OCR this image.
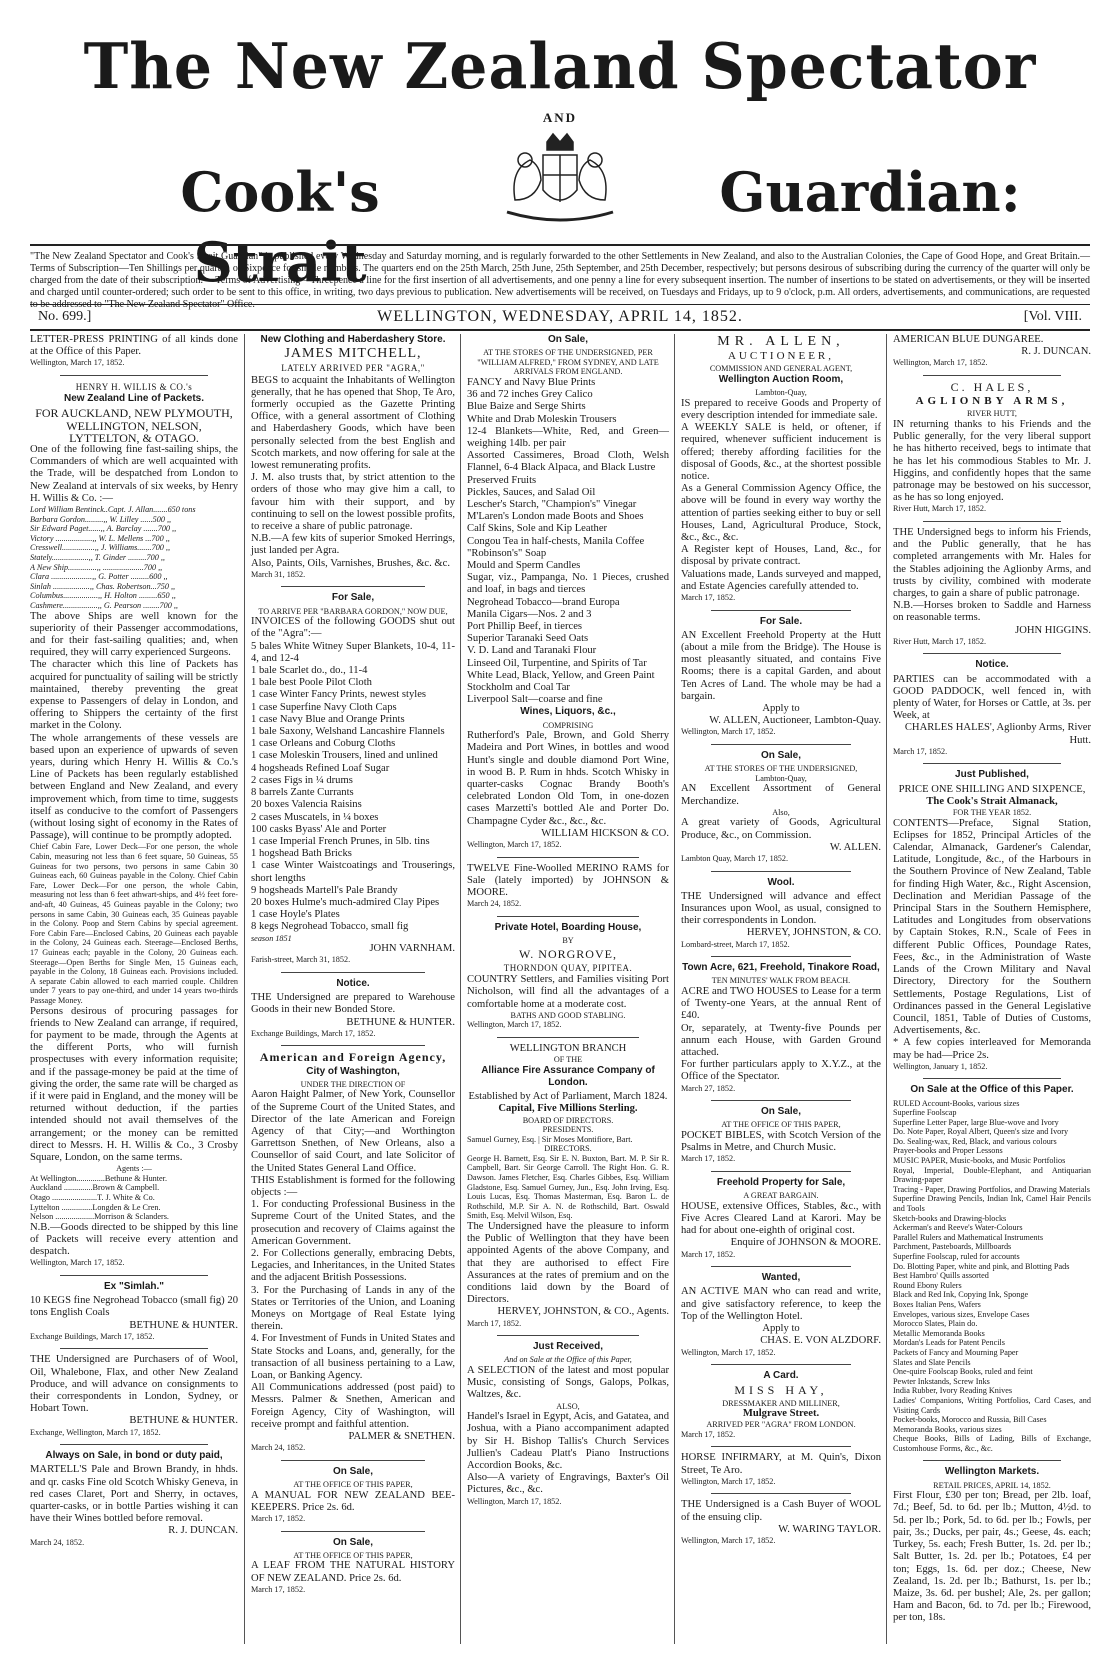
The New Zealand Spectator
AND
Cook's Strait
Guardian:
"The New Zealand Spectator and Cook's Strait Guardian" is published every Wednesday and Saturday morning, and is regularly forwarded to the other Settlements in New Zealand, and also to the Australian Colonies, the Cape of Good Hope, and Great Britain.— Terms of Subscription—Ten Shillings per quarter, or Sixpence for single numbers. The quarters end on the 25th March, 25th June, 25th September, and 25th December, respectively; but persons desirous of subscribing during the currency of the quarter will only be charged from the date of their subscription.— Terms of Advertising—Threepence a line for the first insertion of all advertisements, and one penny a line for every subsequent insertion. The number of insertions to be stated on advertisements, or they will be inserted and charged until counter-ordered; such order to be sent to this office, in writing, two days previous to publication. New advertisements will be received, on Tuesdays and Fridays, up to 9 o'clock, p.m. All orders, advertisements, and communications, are requested to be addressed to "The New Zealand Spectator" Office.
No. 699.]	WELLINGTON, WEDNESDAY, APRIL 14, 1852.	[Vol. VIII.

LETTER-PRESS PRINTING of all kinds done at the Office of this Paper.

Wellington, March 17, 1852.

HENRY H. WILLIS & CO.'s
New Zealand Line of Packets.

FOR AUCKLAND, NEW PLYMOUTH, WELLINGTON, NELSON, LYTTELTON, & OTAGO.

One of the following fine fast-sailing ships, the Commanders of which are well acquainted with the Trade, will be despatched from London to New Zealand at intervals of six weeks, by Henry H. Willis & Co. :—

Lord William Bentinck..Capt. J. Allan.......650 tons
Barbara Gordon.........,, W. Lilley ......500 ,,
Sir Edward Paget......,, A. Barclay .......700 ,,
Victory ..................,, W. L. Mellens ...700 ,,
Cresswell................,, J. Williams.......700 ,,
Stately..................,, T. Ginder .........700 ,,
A New Ship..............,, ....................700 ,,
Clara ....................,, G. Potter .........600 ,,
Sinlah ..................,, Chas. Robertson...750 ,,
Columbus.................,, H. Holton .........650 ,,
Cashmere.................,, G. Pearson ........700 ,,

The above Ships are well known for the superiority of their Passenger accommodations, and for their fast-sailing qualities; and, when required, they will carry experienced Surgeons.

The character which this line of Packets has acquired for punctuality of sailing will be strictly maintained, thereby preventing the great expense to Passengers of delay in London, and offering to Shippers the certainty of the first market in the Colony.

The whole arrangements of these vessels are based upon an experience of upwards of seven years, during which Henry H. Willis & Co.'s Line of Packets has been regularly established between England and New Zealand, and every improvement which, from time to time, suggests itself as conducive to the comfort of Passengers (without losing sight of economy in the Rates of Passage), will continue to be promptly adopted.

Chief Cabin Fare, Lower Deck—For one person, the whole Cabin, measuring not less than 6 feet square, 50 Guineas, 55 Guineas for two persons, two persons in same Cabin 30 Guineas each, 60 Guineas payable in the Colony. Chief Cabin Fare, Lower Deck—For one person, the whole Cabin, measuring not less than 6 feet athwart-ships, and 4½ feet fore-and-aft, 40 Guineas, 45 Guineas payable in the Colony; two persons in same Cabin, 30 Guineas each, 35 Guineas payable in the Colony. Poop and Stern Cabins by special agreement. Fore Cabin Fare—Enclosed Cabins, 20 Guineas each payable in the Colony, 24 Guineas each. Steerage—Enclosed Berths, 17 Guineas each; payable in the Colony, 20 Guineas each. Steerage—Open Berths for Single Men, 15 Guineas each, payable in the Colony, 18 Guineas each. Provisions included. A separate Cabin allowed to each married couple. Children under 7 years to pay one-third, and under 14 years two-thirds Passage Money.

Persons desirous of procuring passages for friends to New Zealand can arrange, if required, for payment to be made, through the Agents at the different Ports, who will furnish prospectuses with every information requisite; and if the passage-money be paid at the time of giving the order, the same rate will be charged as if it were paid in England, and the money will be returned without deduction, if the parties intended should not avail themselves of the arrangement; or the money can be remitted direct to Messrs. H. H. Willis & Co., 3 Crosby Square, London, on the same terms.

Agents :—
At Wellington..............Bethune & Hunter.
Auckland ..............Brown & Campbell.
Otago ......................T. J. White & Co.
Lyttelton ...............Longden & Le Cren.
Nelson ...................Morrison & Sclanders.

N.B.—Goods directed to be shipped by this line of Packets will receive every attention and despatch.

Wellington, March 17, 1852.

Ex "Simlah."

10 KEGS fine Negrohead Tobacco (small fig) 20 tons English Coals

BETHUNE & HUNTER.

Exchange Buildings, March 17, 1852.

THE Undersigned are Purchasers of of Wool, Oil, Whalebone, Flax, and other New Zealand Produce, and will advance on consignments to their correspondents in London, Sydney, or Hobart Town.

BETHUNE & HUNTER.

Exchange, Wellington, March 17, 1852.

Always on Sale, in bond or duty paid,

MARTELL'S Pale and Brown Brandy, in hhds. and qr. casks Fine old Scotch Whisky Geneva, in red cases Claret, Port and Sherry, in octaves, quarter-casks, or in bottle Parties wishing it can have their Wines bottled before removal.

R. J. DUNCAN.

March 24, 1852.

New Clothing and Haberdashery Store.
JAMES MITCHELL,
LATELY ARRIVED PER "AGRA,"

BEGS to acquaint the Inhabitants of Wellington generally, that he has opened that Shop, Te Aro, formerly occupied as the Gazette Printing Office, with a general assortment of Clothing and Haberdashery Goods, which have been personally selected from the best English and Scotch markets, and now offering for sale at the lowest remunerating profits.

J. M. also trusts that, by strict attention to the orders of those who may give him a call, to favour him with their support, and by continuing to sell on the lowest possible profits, to receive a share of public patronage.

N.B.—A few kits of superior Smoked Herrings, just landed per Agra.

Also, Paints, Oils, Varnishes, Brushes, &c. &c.

March 31, 1852.

For Sale,
TO ARRIVE PER "BARBARA GORDON," NOW DUE,

INVOICES of the following GOODS shut out of the "Agra":—

5 bales White Witney Super Blankets, 10-4, 11-4, and 12-4
1 bale Scarlet do., do., 11-4
1 bale best Poole Pilot Cloth
1 case Winter Fancy Prints, newest styles
1 case Superfine Navy Cloth Caps
1 case Navy Blue and Orange Prints
1 bale Saxony, Welshand Lancashire Flannels
1 case Orleans and Coburg Cloths
1 case Moleskin Trousers, lined and unlined
4 hogsheads Refined Loaf Sugar
2 cases Figs in ¼ drums
8 barrels Zante Currants
20 boxes Valencia Raisins
2 cases Muscatels, in ¼ boxes
100 casks Byass' Ale and Porter
1 case Imperial French Prunes, in 5lb. tins
1 hogshead Bath Bricks
1 case Winter Waistcoatings and Trouserings, short lengths
9 hogsheads Martell's Pale Brandy
20 boxes Hulme's much-admired Clay Pipes
1 case Hoyle's Plates
8 kegs Negrohead Tobacco, small fig

season 1851

JOHN VARNHAM.

Farish-street, March 31, 1852.

Notice.

THE Undersigned are prepared to Warehouse Goods in their new Bonded Store.

BETHUNE & HUNTER.

Exchange Buildings, March 17, 1852.

American and Foreign Agency,
City of Washington,
UNDER THE DIRECTION OF

Aaron Haight Palmer, of New York, Counsellor of the Supreme Court of the United States, and Director of the late American and Foreign Agency of that City;—and Worthington Garrettson Snethen, of New Orleans, also a Counsellor of said Court, and late Solicitor of the United States General Land Office.

THIS Establishment is formed for the following objects :—

1. For conducting Professional Business in the Supreme Court of the United States, and the prosecution and recovery of Claims against the American Government.

2. For Collections generally, embracing Debts, Legacies, and Inheritances, in the United States and the adjacent British Possessions.

3. For the Purchasing of Lands in any of the States or Territories of the Union, and Loaning Moneys on Mortgage of Real Estate lying therein.

4. For Investment of Funds in United States and State Stocks and Loans, and, generally, for the transaction of all business pertaining to a Law, Loan, or Banking Agency.

All Communications addressed (post paid) to Messrs. Palmer & Snethen, American and Foreign Agency, City of Washington, will receive prompt and faithful attention.

PALMER & SNETHEN.

March 24, 1852.

On Sale,
AT THE OFFICE OF THIS PAPER,

A MANUAL FOR NEW ZEALAND BEE-KEEPERS. Price 2s. 6d.

March 17, 1852.

On Sale,
AT THE OFFICE OF THIS PAPER,

A LEAF FROM THE NATURAL HISTORY OF NEW ZEALAND. Price 2s. 6d.

March 17, 1852.

On Sale,
AT THE STORES OF THE UNDERSIGNED, PER "WILLIAM ALFRED," FROM SYDNEY, AND LATE ARRIVALS FROM ENGLAND.
FANCY and Navy Blue Prints
36 and 72 inches Grey Calico
Blue Baize and Serge Shirts
White and Drab Moleskin Trousers
12-4 Blankets—White, Red, and Green—weighing 14lb. per pair
Assorted Cassimeres, Broad Cloth, Welsh Flannel, 6-4 Black Alpaca, and Black Lustre
Preserved Fruits
Pickles, Sauces, and Salad Oil
Lescher's Starch, "Champion's" Vinegar
M'Laren's London made Boots and Shoes
Calf Skins, Sole and Kip Leather
Congou Tea in half-chests, Manila Coffee
"Robinson's" Soap
Mould and Sperm Candles
Sugar, viz., Pampanga, No. 1 Pieces, crushed and loaf, in bags and tierces
Negrohead Tobacco—brand Europa
Manila Cigars—Nos. 2 and 3
Port Phillip Beef, in tierces
Superior Taranaki Seed Oats
V. D. Land and Taranaki Flour
Linseed Oil, Turpentine, and Spirits of Tar
White Lead, Black, Yellow, and Green Paint
Stockholm and Coal Tar
Liverpool Salt—coarse and fine
Wines, Liquors, &c.,
COMPRISING

Rutherford's Pale, Brown, and Gold Sherry Madeira and Port Wines, in bottles and wood Hunt's single and double diamond Port Wine, in wood B. P. Rum in hhds. Scotch Whisky in quarter-casks Cognac Brandy Booth's celebrated London Old Tom, in one-dozen cases Marzetti's bottled Ale and Porter Do. Champagne Cyder &c., &c., &c.

WILLIAM HICKSON & CO.

Wellington, March 17, 1852.

TWELVE Fine-Woolled MERINO RAMS for Sale (lately imported) by JOHNSON & MOORE.

March 24, 1852.

Private Hotel, Boarding House,
BY
W. NORGROVE,
THORNDON QUAY, PIPITEA.

COUNTRY Settlers, and Families visiting Port Nicholson, will find all the advantages of a comfortable home at a moderate cost.

BATHS AND GOOD STABLING.

Wellington, March 17, 1852.

WELLINGTON BRANCH
OF THE
Alliance Fire Assurance Company of London.

Established by Act of Parliament, March 1824.

Capital, Five Millions Sterling.
BOARD OF DIRECTORS.
PRESIDENTS.

Samuel Gurney, Esq. | Sir Moses Montifiore, Bart.

DIRECTORS.

George H. Barnett, Esq. Sir E. N. Buxton, Bart. M. P. Sir R. Campbell, Bart. Sir George Carroll. The Right Hon. G. R. Dawson. James Fletcher, Esq. Charles Gibbes, Esq. William Gladstone, Esq. Samuel Gurney, Jun., Esq. John Irving, Esq. Louis Lucas, Esq. Thomas Masterman, Esq. Baron L. de Rothschild, M.P. Sir A. N. de Rothschild, Bart. Oswald Smith, Esq. Melvil Wilson, Esq.

The Undersigned have the pleasure to inform the Public of Wellington that they have been appointed Agents of the above Company, and that they are authorised to effect Fire Assurances at the rates of premium and on the conditions laid down by the Board of Directors.

HERVEY, JOHNSTON, & CO., Agents.

March 17, 1852.

Just Received,
And on Sale at the Office of this Paper,

A SELECTION of the latest and most popular Music, consisting of Songs, Galops, Polkas, Waltzes, &c.

ALSO,

Handel's Israel in Egypt, Acis, and Gatatea, and Joshua, with a Piano accompaniment adapted by Sir H. Bishop Tallis's Church Services Jullien's Cadeau Platt's Piano Instructions Accordion Books, &c.

Also—A variety of Engravings, Baxter's Oil Pictures, &c., &c.

Wellington, March 17, 1852.

MR. ALLEN,
AUCTIONEER,
COMMISSION AND GENERAL AGENT,
Wellington Auction Room,
Lambton-Quay,

IS prepared to receive Goods and Property of every description intended for immediate sale.

A WEEKLY SALE is held, or oftener, if required, whenever sufficient inducement is offered; thereby affording facilities for the disposal of Goods, &c., at the shortest possible notice.

As a General Commission Agency Office, the above will be found in every way worthy the attention of parties seeking either to buy or sell Houses, Land, Agricultural Produce, Stock, &c., &c., &c.

A Register kept of Houses, Land, &c., for disposal by private contract.

Valuations made, Lands surveyed and mapped, and Estate Agencies carefully attended to.

March 17, 1852.

For Sale.

AN Excellent Freehold Property at the Hutt (about a mile from the Bridge). The House is most pleasantly situated, and contains Five Rooms; there is a capital Garden, and about Ten Acres of Land. The whole may be had a bargain.

Apply to

W. ALLEN, Auctioneer, Lambton-Quay.

Wellington, March 17, 1852.

On Sale,
AT THE STORES OF THE UNDERSIGNED,
Lambton-Quay,

AN Excellent Assortment of General Merchandize.

Also,

A great variety of Goods, Agricultural Produce, &c., on Commission.

W. ALLEN.

Lambton Quay, March 17, 1852.

Wool.

THE Undersigned will advance and effect Insurances upon Wool, as usual, consigned to their correspondents in London.

HERVEY, JOHNSTON, & CO.

Lombard-street, March 17, 1852.

Town Acre, 621, Freehold, Tinakore Road,
TEN MINUTES' WALK FROM BEACH.

ACRE and TWO HOUSES to Lease for a term of Twenty-one Years, at the annual Rent of £40.

Or, separately, at Twenty-five Pounds per annum each House, with Garden Ground attached.

For further particulars apply to X.Y.Z., at the Office of the Spectator.

March 27, 1852.

On Sale,
AT THE OFFICE OF THIS PAPER,

POCKET BIBLES, with Scotch Version of the Psalms in Metre, and Church Music.

March 17, 1852.

Freehold Property for Sale,
A GREAT BARGAIN.

HOUSE, extensive Offices, Stables, &c., with Five Acres Cleared Land at Karori. May be had for about one-eighth of original cost.

Enquire of JOHNSON & MOORE.

March 17, 1852.

Wanted,

AN ACTIVE MAN who can read and write, and give satisfactory reference, to keep the Top of the Wellington Hotel.

Apply to

CHAS. E. VON ALZDORF.

Wellington, March 17, 1852.

A Card.
MISS HAY,
DRESSMAKER AND MILLINER,
Mulgrave Street.
ARRIVED PER "AGRA" FROM LONDON.

March 17, 1852.

HORSE INFIRMARY, at M. Quin's, Dixon Street, Te Aro.

Wellington, March 17, 1852.

THE Undersigned is a Cash Buyer of WOOL of the ensuing clip.

W. WARING TAYLOR.

Wellington, March 17, 1852.

AMERICAN BLUE DUNGAREE.

R. J. DUNCAN.

Wellington, March 17, 1852.

C. HALES,
AGLIONBY ARMS,
RIVER HUTT,

IN returning thanks to his Friends and the Public generally, for the very liberal support he has hitherto received, begs to intimate that he has let his commodious Stables to Mr. J. Higgins, and confidently hopes that the same patronage may be bestowed on his successor, as he has so long enjoyed.

River Hutt, March 17, 1852.

THE Undersigned begs to inform his Friends, and the Public generally, that he has completed arrangements with Mr. Hales for the Stables adjoining the Aglionby Arms, and trusts by civility, combined with moderate charges, to gain a share of public patronage.

N.B.—Horses broken to Saddle and Harness on reasonable terms.

JOHN HIGGINS.

River Hutt, March 17, 1852.

Notice.

PARTIES can be accommodated with a GOOD PADDOCK, well fenced in, with plenty of Water, for Horses or Cattle, at 3s. per Week, at

CHARLES HALES', Aglionby Arms, River Hutt.

March 17, 1852.

Just Published,
PRICE ONE SHILLING AND SIXPENCE,
The Cook's Strait Almanack,
FOR THE YEAR 1852.

CONTENTS—Preface, Signal Station, Eclipses for 1852, Principal Articles of the Calendar, Almanack, Gardener's Calendar, Latitude, Longitude, &c., of the Harbours in the Southern Province of New Zealand, Table for finding High Water, &c., Right Ascension, Declination and Meridian Passage of the Principal Stars in the Southern Hemisphere, Latitudes and Longitudes from observations by Captain Stokes, R.N., Scale of Fees in different Public Offices, Poundage Rates, Fees, &c., in the Administration of Waste Lands of the Crown Military and Naval Directory, Directory for the Southern Settlements, Postage Regulations, List of Ordinances passed in the General Legislative Council, 1851, Table of Duties of Customs, Advertisements, &c.

* A few copies interleaved for Memoranda may be had—Price 2s.

Wellington, January 1, 1852.

On Sale at the Office of this Paper.
RULED Account-Books, various sizes
Superfine Foolscap
Superfine Letter Paper, large Blue-wove and Ivory
Do. Note Paper, Royal Albert, Queen's size and Ivory
Do. Sealing-wax, Red, Black, and various colours
Prayer-books and Proper Lessons
MUSIC PAPER, Music-books, and Music Portfolios
Royal, Imperial, Double-Elephant, and Antiquarian Drawing-paper
Tracing - Paper, Drawing Portfolios, and Drawing Materials
Superfine Drawing Pencils, Indian Ink, Camel Hair Pencils and Tools
Sketch-books and Drawing-blocks
Ackerman's and Reeve's Water-Colours
Parallel Rulers and Mathematical Instruments
Parchment, Pasteboards, Millboards
Superfine Foolscap, ruled for accounts
Do. Blotting Paper, white and pink, and Blotting Pads
Best Hambro' Quills assorted
Round Ebony Rulers
Black and Red Ink, Copying Ink, Sponge
Boxes Italian Pens, Wafers
Envelopes, various sizes, Envelope Cases
Morocco Slates, Plain do.
Metallic Memoranda Books
Mordan's Leads for Patent Pencils
Packets of Fancy and Mourning Paper
Slates and Slate Pencils
One-quire Foolscap Books, ruled and feint
Pewter Inkstands, Screw Inks
India Rubber, Ivory Reading Knives
Ladies' Companions, Writing Portfolios, Card Cases, and Visiting Cards
Pocket-books, Morocco and Russia, Bill Cases
Memoranda Books, various sizes
Cheque Books, Bills of Lading, Bills of Exchange, Customhouse Forms, &c., &c.
Wellington Markets.
RETAIL PRICES, APRIL 14, 1852.

First Flour, £30 per ton; Bread, per 2lb. loaf, 7d.; Beef, 5d. to 6d. per lb.; Mutton, 4½d. to 5d. per lb.; Pork, 5d. to 6d. per lb.; Fowls, per pair, 3s.; Ducks, per pair, 4s.; Geese, 4s. each; Turkey, 5s. each; Fresh Butter, 1s. 2d. per lb.; Salt Butter, 1s. 2d. per lb.; Potatoes, £4 per ton; Eggs, 1s. 6d. per doz.; Cheese, New Zealand, 1s. 2d. per lb.; Bathurst, 1s. per lb.; Maize, 3s. 6d. per bushel; Ale, 2s. per gallon; Ham and Bacon, 6d. to 7d. per lb.; Firewood, per ton, 18s.
